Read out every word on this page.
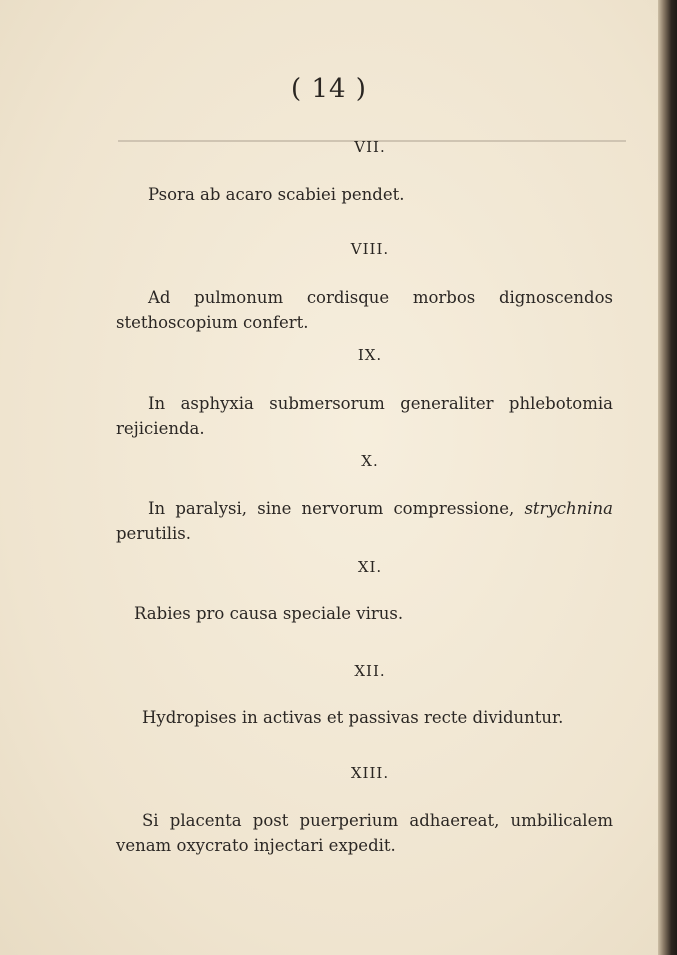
( 14 )
VII.
Psora ab acaro scabiei pendet.
VIII.
Ad pulmonum cordisque morbos dignoscendos stethoscopium confert.
IX.
In asphyxia submersorum generaliter phlebotomia rejicienda.
X.
In paralysi, sine nervorum compressione, strychnina perutilis.
XI.
Rabies pro causa speciale virus.
XII.
Hydropises in activas et passivas recte dividuntur.
XIII.
Si placenta post puerperium adhaereat, umbilicalem venam oxycrato injectari expedit.
